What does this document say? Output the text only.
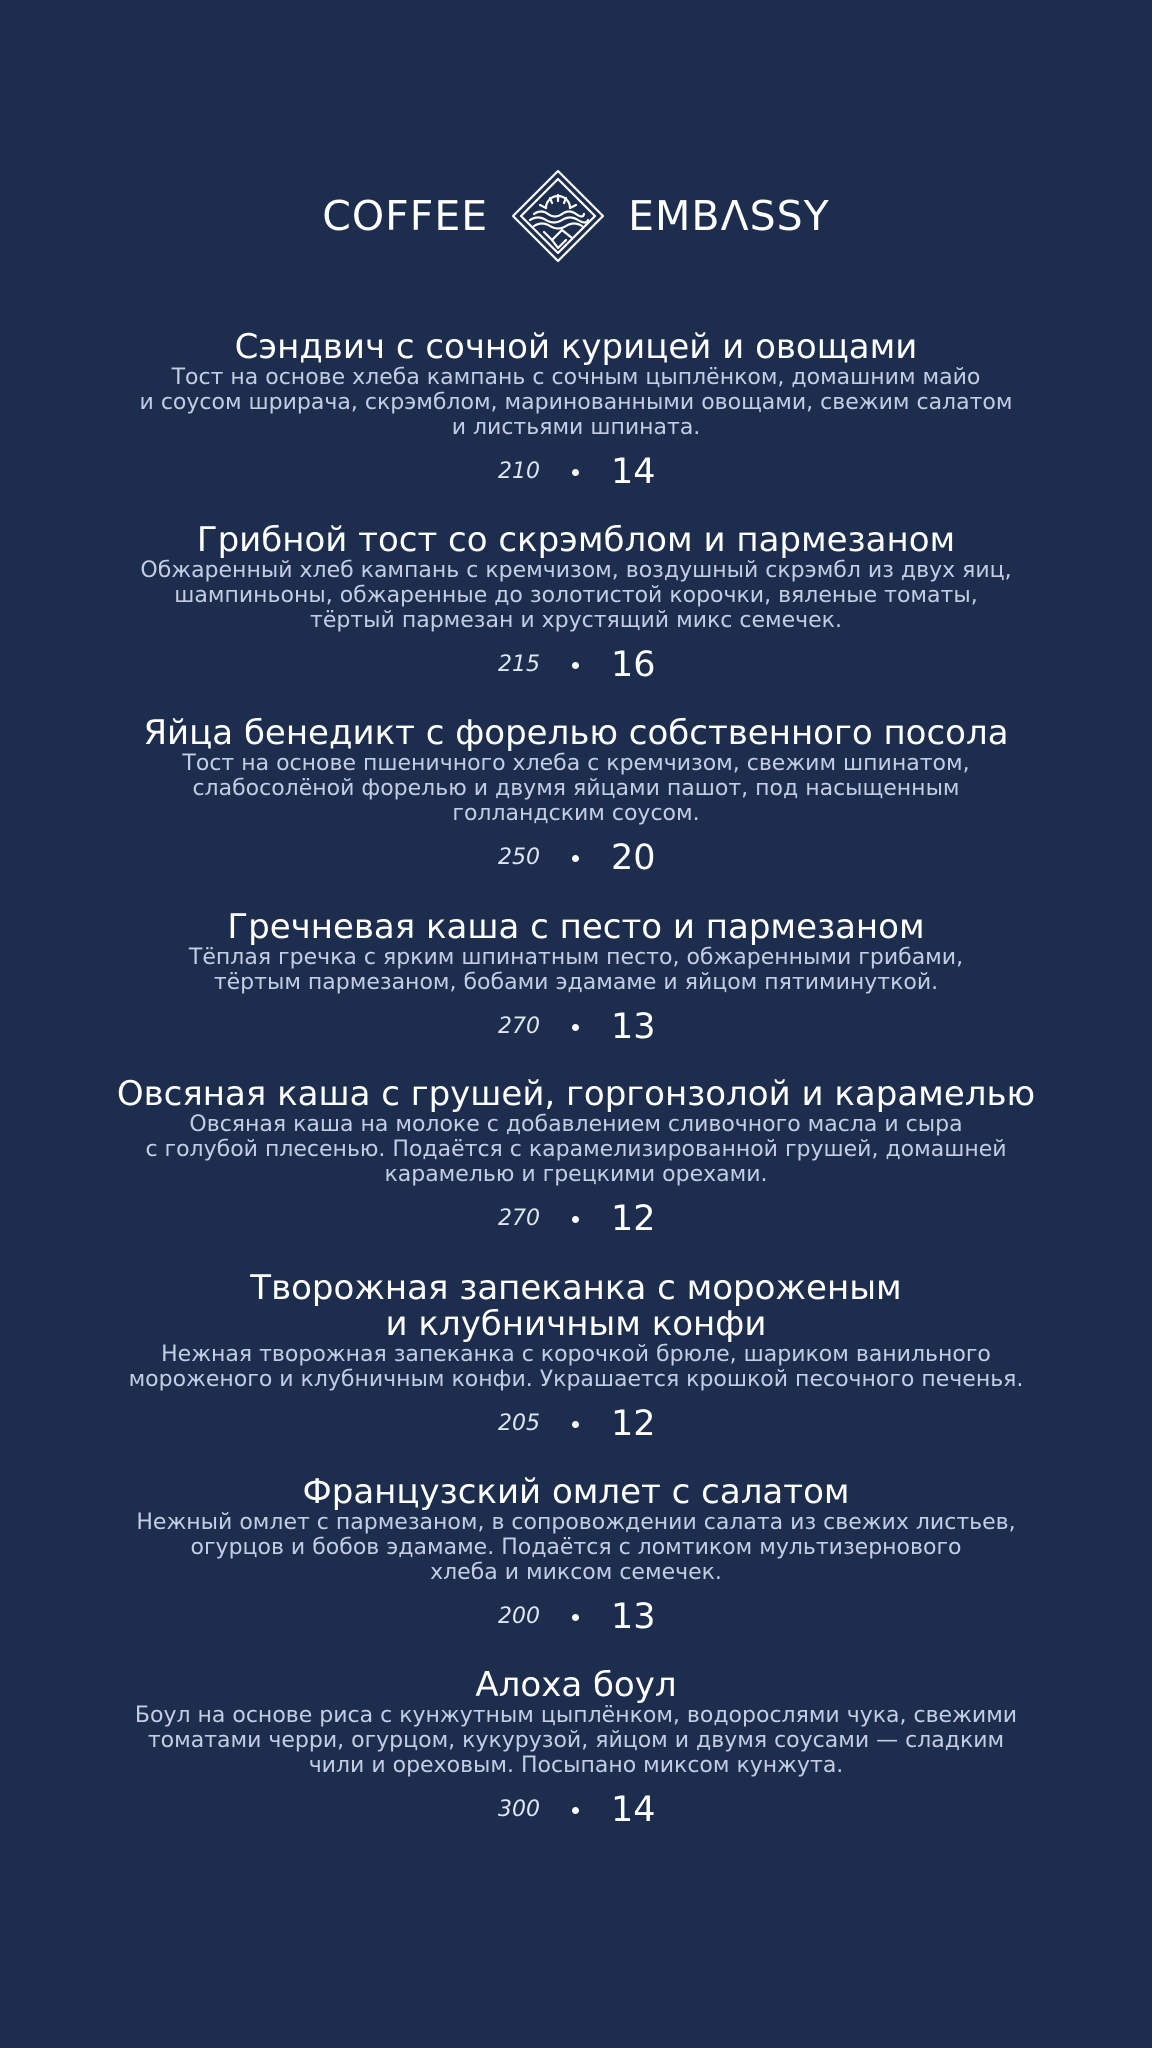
COFFEE	EMBΛSSY
Сэндвич с сочной курицей и овощами

Тост на основе хлеба кампань с сочным цыплёнком, домашним майо
и соусом шрирача, скрэмблом, маринованными овощами, свежим салатом
и листьями шпината.

210 14
Грибной тост со скрэмблом и пармезаном

Обжаренный хлеб кампань с кремчизом, воздушный скрэмбл из двух яиц,
шампиньоны, обжаренные до золотистой корочки, вяленые томаты,
тёртый пармезан и хрустящий микс семечек.

215 16
Яйца бенедикт с форелью собственного посола

Тост на основе пшеничного хлеба с кремчизом, свежим шпинатом,
слабосолёной форелью и двумя яйцами пашот, под насыщенным
голландским соусом.

250 20
Гречневая каша с песто и пармезаном

Тёплая гречка с ярким шпинатным песто, обжаренными грибами,
тёртым пармезаном, бобами эдамаме и яйцом пятиминуткой.

270 13
Овсяная каша с грушей, горгонзолой и карамелью

Овсяная каша на молоке с добавлением сливочного масла и сыра
с голубой плесенью. Подаётся с карамелизированной грушей, домашней
карамелью и грецкими орехами.

270 12
Творожная запеканка с мороженым
и клубничным конфи

Нежная творожная запеканка с корочкой брюле, шариком ванильного
мороженого и клубничным конфи. Украшается крошкой песочного печенья.

205 12
Французский омлет с салатом

Нежный омлет с пармезаном, в сопровождении салата из свежих листьев,
огурцов и бобов эдамаме. Подаётся с ломтиком мультизернового
хлеба и миксом семечек.

200 13
Алоха боул

Боул на основе риса с кунжутным цыплёнком, водорослями чука, свежими
томатами черри, огурцом, кукурузой, яйцом и двумя соусами — сладким
чили и ореховым. Посыпано миксом кунжута.

300 14
